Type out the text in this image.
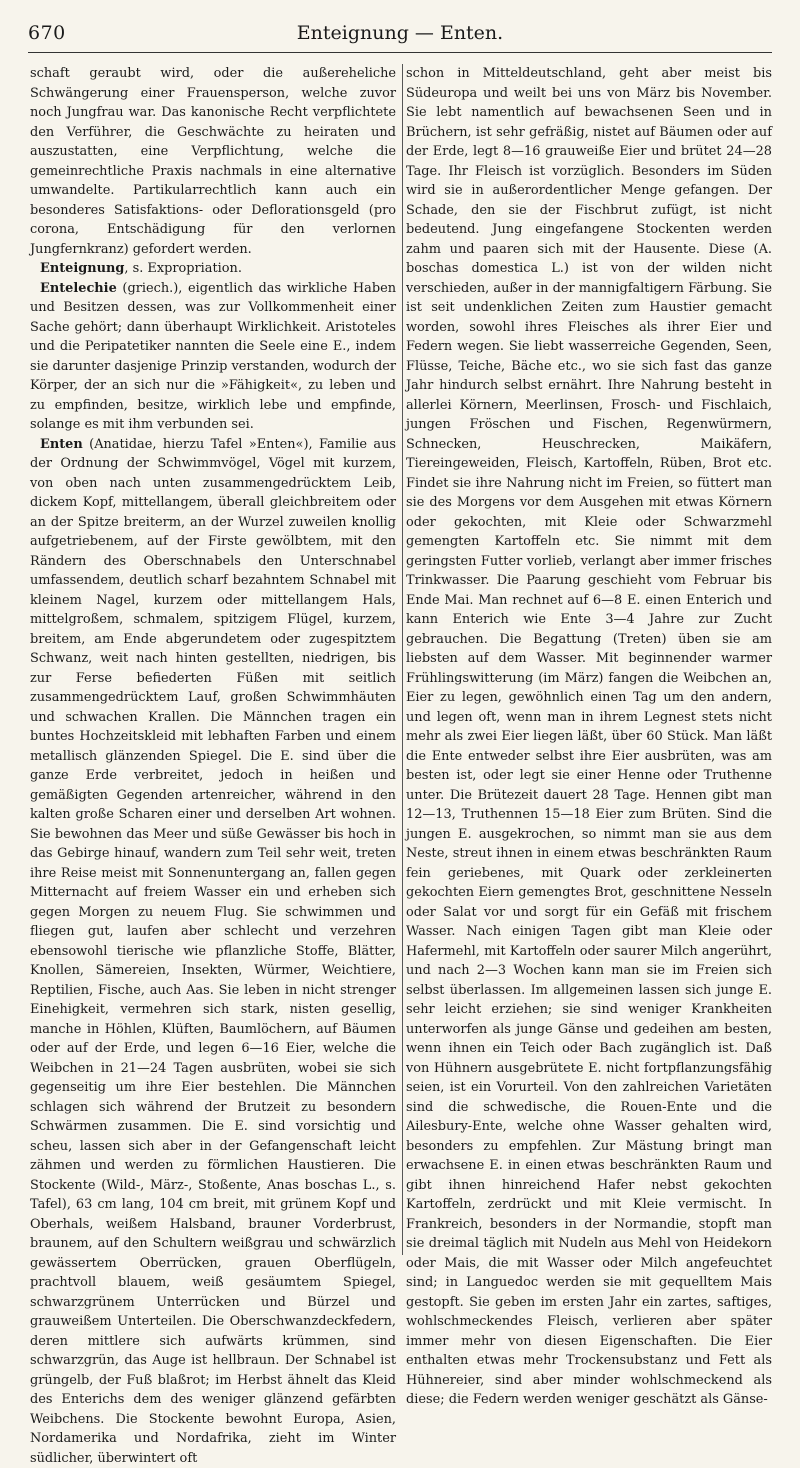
670	Enteignung — Enten.

schaft geraubt wird, oder die außereheliche Schwängerung einer Frauensperson, welche zuvor noch Jungfrau war. Das kanonische Recht verpflichtete den Verführer, die Geschwächte zu heiraten und auszustatten, eine Verpflichtung, welche die gemeinrechtliche Praxis nachmals in eine alternative umwandelte. Partikularrechtlich kann auch ein besonderes Satisfaktions- oder Deflorationsgeld (pro corona, Entschädigung für den verlornen Jungfernkranz) gefordert werden.

Enteignung, s. Expropriation.

Entelechie (griech.), eigentlich das wirkliche Haben und Besitzen dessen, was zur Vollkommenheit einer Sache gehört; dann überhaupt Wirklichkeit. Aristoteles und die Peripatetiker nannten die Seele eine E., indem sie darunter dasjenige Prinzip verstanden, wodurch der Körper, der an sich nur die »Fähigkeit«, zu leben und zu empfinden, besitze, wirklich lebe und empfinde, solange es mit ihm verbunden sei.

Enten (Anatidae, hierzu Tafel »Enten«), Familie aus der Ordnung der Schwimmvögel, Vögel mit kurzem, von oben nach unten zusammengedrücktem Leib, dickem Kopf, mittellangem, überall gleichbreitem oder an der Spitze breiterm, an der Wurzel zuweilen knollig aufgetriebenem, auf der Firste gewölbtem, mit den Rändern des Oberschnabels den Unterschnabel umfassendem, deutlich scharf bezahntem Schnabel mit kleinem Nagel, kurzem oder mittellangem Hals, mittelgroßem, schmalem, spitzigem Flügel, kurzem, breitem, am Ende abgerundetem oder zugespitztem Schwanz, weit nach hinten gestellten, niedrigen, bis zur Ferse befiederten Füßen mit seitlich zusammengedrücktem Lauf, großen Schwimmhäuten und schwachen Krallen. Die Männchen tragen ein buntes Hochzeitskleid mit lebhaften Farben und einem metallisch glänzenden Spiegel. Die E. sind über die ganze Erde verbreitet, jedoch in heißen und gemäßigten Gegenden artenreicher, während in den kalten große Scharen einer und derselben Art wohnen. Sie bewohnen das Meer und süße Gewässer bis hoch in das Gebirge hinauf, wandern zum Teil sehr weit, treten ihre Reise meist mit Sonnenuntergang an, fallen gegen Mitternacht auf freiem Wasser ein und erheben sich gegen Morgen zu neuem Flug. Sie schwimmen und fliegen gut, laufen aber schlecht und verzehren ebensowohl tierische wie pflanzliche Stoffe, Blätter, Knollen, Sämereien, Insekten, Würmer, Weichtiere, Reptilien, Fische, auch Aas. Sie leben in nicht strenger Einehigkeit, vermehren sich stark, nisten gesellig, manche in Höhlen, Klüften, Baumlöchern, auf Bäumen oder auf der Erde, und legen 6—16 Eier, welche die Weibchen in 21—24 Tagen ausbrüten, wobei sie sich gegenseitig um ihre Eier bestehlen. Die Männchen schlagen sich während der Brutzeit zu besondern Schwärmen zusammen. Die E. sind vorsichtig und scheu, lassen sich aber in der Gefangenschaft leicht zähmen und werden zu förmlichen Haustieren. Die Stockente (Wild-, März-, Stoßente, Anas boschas L., s. Tafel), 63 cm lang, 104 cm breit, mit grünem Kopf und Oberhals, weißem Halsband, brauner Vorderbrust, braunem, auf den Schultern weißgrau und schwärzlich gewässertem Oberrücken, grauen Oberflügeln, prachtvoll blauem, weiß gesäumtem Spiegel, schwarzgrünem Unterrücken und Bürzel und grauweißem Unterteilen. Die Oberschwanzdeckfedern, deren mittlere sich aufwärts krümmen, sind schwarzgrün, das Auge ist hellbraun. Der Schnabel ist grüngelb, der Fuß blaßrot; im Herbst ähnelt das Kleid des Enterichs dem des weniger glänzend gefärbten Weibchens. Die Stockente bewohnt Europa, Asien, Nordamerika und Nordafrika, zieht im Winter südlicher, überwintert oft

schon in Mitteldeutschland, geht aber meist bis Südeuropa und weilt bei uns von März bis November. Sie lebt namentlich auf bewachsenen Seen und in Brüchern, ist sehr gefräßig, nistet auf Bäumen oder auf der Erde, legt 8—16 grauweiße Eier und brütet 24—28 Tage. Ihr Fleisch ist vorzüglich. Besonders im Süden wird sie in außerordentlicher Menge gefangen. Der Schade, den sie der Fischbrut zufügt, ist nicht bedeutend. Jung eingefangene Stockenten werden zahm und paaren sich mit der Hausente. Diese (A. boschas domestica L.) ist von der wilden nicht verschieden, außer in der mannigfaltigern Färbung. Sie ist seit undenklichen Zeiten zum Haustier gemacht worden, sowohl ihres Fleisches als ihrer Eier und Federn wegen. Sie liebt wasserreiche Gegenden, Seen, Flüsse, Teiche, Bäche etc., wo sie sich fast das ganze Jahr hindurch selbst ernährt. Ihre Nahrung besteht in allerlei Körnern, Meerlinsen, Frosch- und Fischlaich, jungen Fröschen und Fischen, Regenwürmern, Schnecken, Heuschrecken, Maikäfern, Tiereingeweiden, Fleisch, Kartoffeln, Rüben, Brot etc. Findet sie ihre Nahrung nicht im Freien, so füttert man sie des Morgens vor dem Ausgehen mit etwas Körnern oder gekochten, mit Kleie oder Schwarzmehl gemengten Kartoffeln etc. Sie nimmt mit dem geringsten Futter vorlieb, verlangt aber immer frisches Trinkwasser. Die Paarung geschieht vom Februar bis Ende Mai. Man rechnet auf 6—8 E. einen Enterich und kann Enterich wie Ente 3—4 Jahre zur Zucht gebrauchen. Die Begattung (Treten) üben sie am liebsten auf dem Wasser. Mit beginnender warmer Frühlingswitterung (im März) fangen die Weibchen an, Eier zu legen, gewöhnlich einen Tag um den andern, und legen oft, wenn man in ihrem Legnest stets nicht mehr als zwei Eier liegen läßt, über 60 Stück. Man läßt die Ente entweder selbst ihre Eier ausbrüten, was am besten ist, oder legt sie einer Henne oder Truthenne unter. Die Brütezeit dauert 28 Tage. Hennen gibt man 12—13, Truthennen 15—18 Eier zum Brüten. Sind die jungen E. ausgekrochen, so nimmt man sie aus dem Neste, streut ihnen in einem etwas beschränkten Raum fein geriebenes, mit Quark oder zerkleinerten gekochten Eiern gemengtes Brot, geschnittene Nesseln oder Salat vor und sorgt für ein Gefäß mit frischem Wasser. Nach einigen Tagen gibt man Kleie oder Hafermehl, mit Kartoffeln oder saurer Milch angerührt, und nach 2—3 Wochen kann man sie im Freien sich selbst überlassen. Im allgemeinen lassen sich junge E. sehr leicht erziehen; sie sind weniger Krankheiten unterworfen als junge Gänse und gedeihen am besten, wenn ihnen ein Teich oder Bach zugänglich ist. Daß von Hühnern ausgebrütete E. nicht fortpflanzungsfähig seien, ist ein Vorurteil. Von den zahlreichen Varietäten sind die schwedische, die Rouen-Ente und die Ailesbury-Ente, welche ohne Wasser gehalten wird, besonders zu empfehlen. Zur Mästung bringt man erwachsene E. in einen etwas beschränkten Raum und gibt ihnen hinreichend Hafer nebst gekochten Kartoffeln, zerdrückt und mit Kleie vermischt. In Frankreich, besonders in der Normandie, stopft man sie dreimal täglich mit Nudeln aus Mehl von Heidekorn oder Mais, die mit Wasser oder Milch angefeuchtet sind; in Languedoc werden sie mit gequelltem Mais gestopft. Sie geben im ersten Jahr ein zartes, saftiges, wohlschmeckendes Fleisch, verlieren aber später immer mehr von diesen Eigenschaften. Die Eier enthalten etwas mehr Trockensubstanz und Fett als Hühnereier, sind aber minder wohlschmeckend als diese; die Federn werden weniger geschätzt als Gänse-
